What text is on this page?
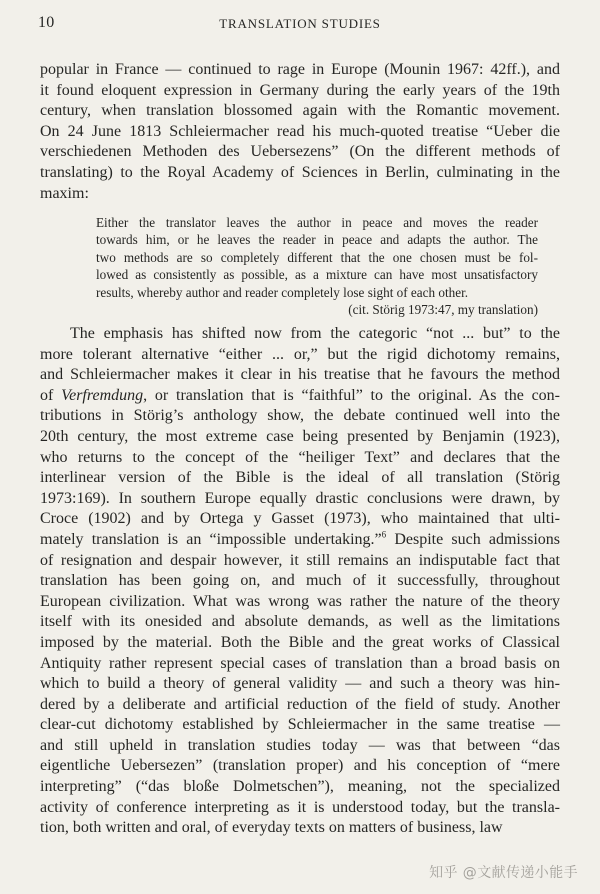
10	TRANSLATION STUDIES
popular in France — continued to rage in Europe (Mounin 1967: 42ff.), and
it found eloquent expression in Germany during the early years of the 19th
century, when translation blossomed again with the Romantic movement.
On 24 June 1813 Schleiermacher read his much-quoted treatise “Ueber die
verschiedenen Methoden des Uebersezens” (On the different methods of
translating) to the Royal Academy of Sciences in Berlin, culminating in the
maxim:
Either the translator leaves the author in peace and moves the reader
towards him, or he leaves the reader in peace and adapts the author. The
two methods are so completely different that the one chosen must be fol-
lowed as consistently as possible, as a mixture can have most unsatisfactory
results, whereby author and reader completely lose sight of each other.
(cit. Störig 1973:47, my translation)
The emphasis has shifted now from the categoric “not ... but” to the
more tolerant alternative “either ... or,” but the rigid dichotomy remains,
and Schleiermacher makes it clear in his treatise that he favours the method
of Verfremdung, or translation that is “faithful” to the original. As the con-
tributions in Störig’s anthology show, the debate continued well into the
20th century, the most extreme case being presented by Benjamin (1923),
who returns to the concept of the “heiliger Text” and declares that the
interlinear version of the Bible is the ideal of all translation (Störig
1973:169). In southern Europe equally drastic conclusions were drawn, by
Croce (1902) and by Ortega y Gasset (1973), who maintained that ulti-
mately translation is an “impossible undertaking.”$^6$ Despite such admissions
of resignation and despair however, it still remains an indisputable fact that
translation has been going on, and much of it successfully, throughout
European civilization. What was wrong was rather the nature of the theory
itself with its onesided and absolute demands, as well as the limitations
imposed by the material. Both the Bible and the great works of Classical
Antiquity rather represent special cases of translation than a broad basis on
which to build a theory of general validity — and such a theory was hin-
dered by a deliberate and artificial reduction of the field of study. Another
clear-cut dichotomy established by Schleiermacher in the same treatise —
and still upheld in translation studies today — was that between “das
eigentliche Uebersezen” (translation proper) and his conception of “mere
interpreting” (“das bloße Dolmetschen”), meaning, not the specialized
activity of conference interpreting as it is understood today, but the transla-
tion, both written and oral, of everyday texts on matters of business, law
知乎 @文献传递小能手
